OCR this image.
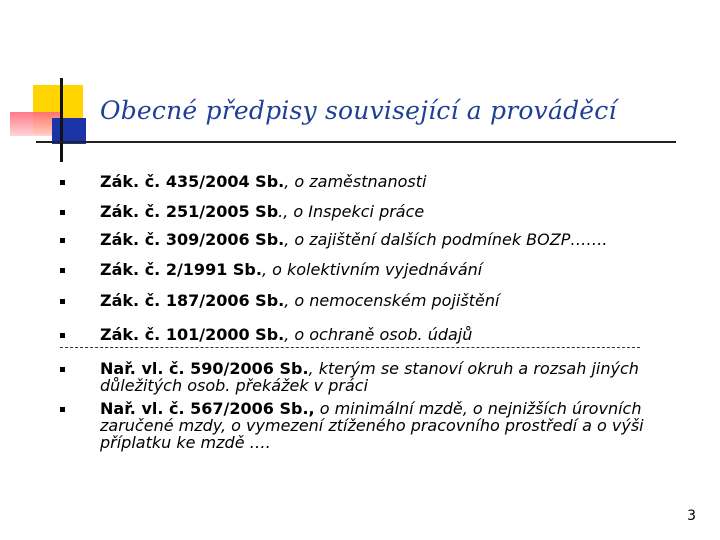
Obecné předpisy související a prováděcí
Zák. č. 435/2004 Sb., o zaměstnanosti
Zák. č. 251/2005 Sb., o Inspekci práce
Zák. č. 309/2006 Sb., o zajištění dalších podmínek BOZP…….
Zák. č. 2/1991 Sb., o kolektivním vyjednávání
Zák. č. 187/2006 Sb., o nemocenském pojištění
Zák. č. 101/2000 Sb., o ochraně osob. údajů
Nař. vl. č. 590/2006 Sb., kterým se stanoví okruh a rozsah jiných důležitých osob. překážek v práci
Nař. vl. č. 567/2006 Sb., o minimální mzdě, o nejnižších úrovních zaručené mzdy, o vymezení ztíženého pracovního prostředí a o výši příplatku ke mzdě ….
3
